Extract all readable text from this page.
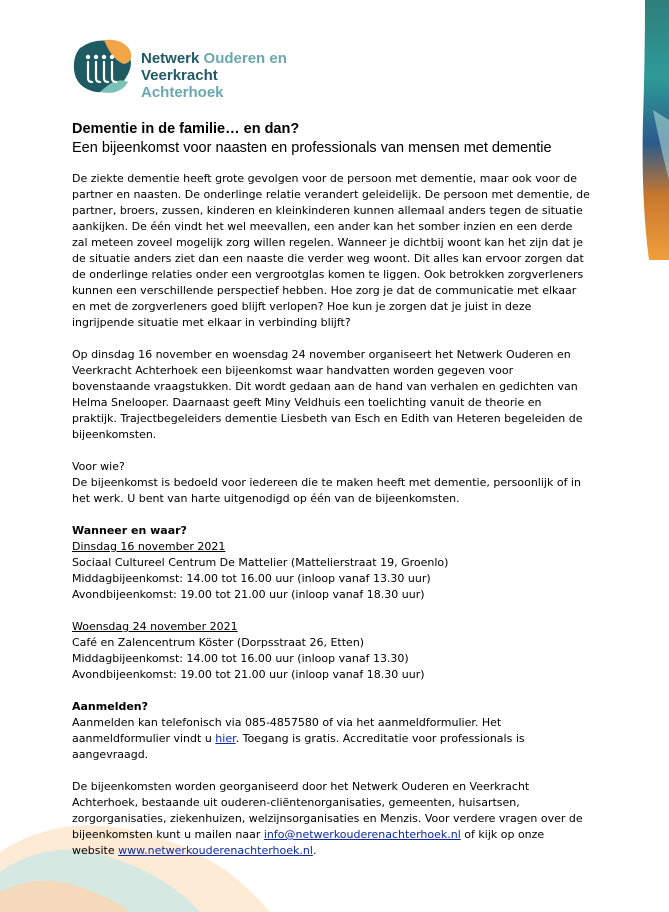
Netwerk Ouderen en
Veerkracht Achterhoek
Dementie in de familie… en dan?
Een bijeenkomst voor naasten en professionals van mensen met dementie
De ziekte dementie heeft grote gevolgen voor de persoon met dementie, maar ook voor de
partner en naasten. De onderlinge relatie verandert geleidelijk. De persoon met dementie, de
partner, broers, zussen, kinderen en kleinkinderen kunnen allemaal anders tegen de situatie
aankijken. De één vindt het wel meevallen, een ander kan het somber inzien en een derde
zal meteen zoveel mogelijk zorg willen regelen. Wanneer je dichtbij woont kan het zijn dat je
de situatie anders ziet dan een naaste die verder weg woont. Dit alles kan ervoor zorgen dat
de onderlinge relaties onder een vergrootglas komen te liggen. Ook betrokken zorgverleners
kunnen een verschillende perspectief hebben. Hoe zorg je dat de communicatie met elkaar
en met de zorgverleners goed blijft verlopen? Hoe kun je zorgen dat je juist in deze
ingrijpende situatie met elkaar in verbinding blijft?
Op dinsdag 16 november en woensdag 24 november organiseert het Netwerk Ouderen en
Veerkracht Achterhoek een bijeenkomst waar handvatten worden gegeven voor
bovenstaande vraagstukken. Dit wordt gedaan aan de hand van verhalen en gedichten van
Helma Snelooper. Daarnaast geeft Miny Veldhuis een toelichting vanuit de theorie en
praktijk. Trajectbegeleiders dementie Liesbeth van Esch en Edith van Heteren begeleiden de
bijeenkomsten.
Voor wie?
De bijeenkomst is bedoeld voor iedereen die te maken heeft met dementie, persoonlijk of in
het werk. U bent van harte uitgenodigd op één van de bijeenkomsten.
Wanneer en waar?
Dinsdag 16 november 2021
Sociaal Cultureel Centrum De Mattelier (Mattelierstraat 19, Groenlo)
Middagbijeenkomst: 14.00 tot 16.00 uur (inloop vanaf 13.30 uur)
Avondbijeenkomst: 19.00 tot 21.00 uur (inloop vanaf 18.30 uur)
Woensdag 24 november 2021
Café en Zalencentrum Köster (Dorpsstraat 26, Etten)
Middagbijeenkomst: 14.00 tot 16.00 uur (inloop vanaf 13.30)
Avondbijeenkomst: 19.00 tot 21.00 uur (inloop vanaf 18.30 uur)
Aanmelden?
Aanmelden kan telefonisch via 085-4857580 of via het aanmeldformulier. Het
aanmeldformulier vindt u hier. Toegang is gratis. Accreditatie voor professionals is
aangevraagd.
De bijeenkomsten worden georganiseerd door het Netwerk Ouderen en Veerkracht
Achterhoek, bestaande uit ouderen-cliëntenorganisaties, gemeenten, huisartsen,
zorgorganisaties, ziekenhuizen, welzijnsorganisaties en Menzis. Voor verdere vragen over de
bijeenkomsten kunt u mailen naar info@netwerkouderenachterhoek.nl of kijk op onze
website www.netwerkouderenachterhoek.nl.
